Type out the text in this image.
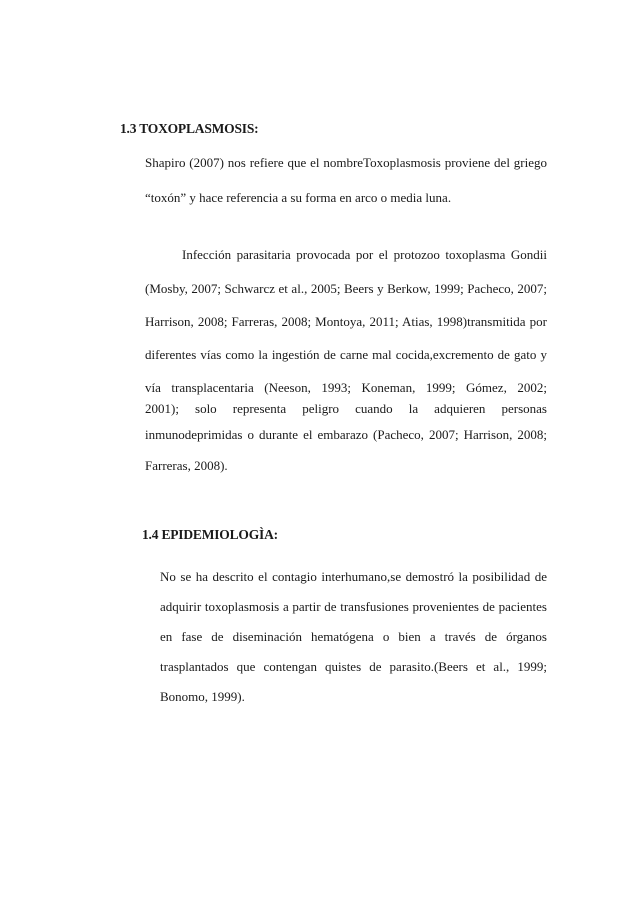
1.3 TOXOPLASMOSIS:

Shapiro (2007) nos refiere que el nombreToxoplasmosis proviene del griego

“toxón” y hace referencia a su forma en arco o media luna.

Infección parasitaria provocada por el protozoo toxoplasma Gondii

(Mosby, 2007; Schwarcz et al., 2005; Beers y Berkow, 1999; Pacheco, 2007;

Harrison, 2008; Farreras, 2008; Montoya, 2011; Atias, 1998)transmitida por

diferentes vías como la ingestión de carne mal cocida,excremento de gato y

vía transplacentaria (Neeson, 1993; Koneman, 1999; Gómez, 2002;

2001); solo representa peligro cuando la adquieren personas

inmunodeprimidas o durante el embarazo (Pacheco, 2007; Harrison, 2008;

Farreras, 2008).

1.4 EPIDEMIOLOGÌA:

No se ha descrito el contagio interhumano,se demostró la posibilidad de

adquirir toxoplasmosis a partir de transfusiones provenientes de pacientes

en fase de diseminación hematógena o bien a través de órganos

trasplantados que contengan quistes de parasito.(Beers et al., 1999;

Bonomo, 1999).
